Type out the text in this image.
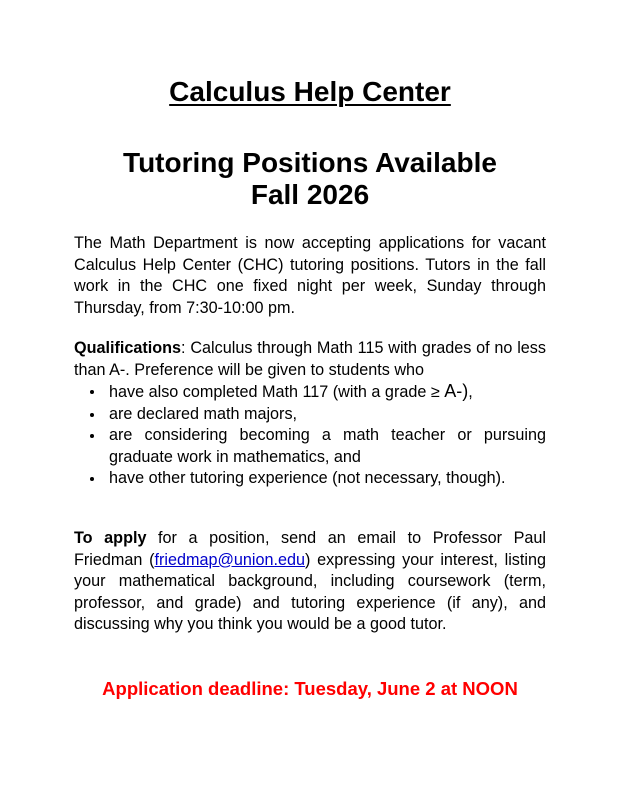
Calculus Help Center
Tutoring Positions Available
Fall 2026

The Math Department is now accepting applications for vacant Calculus Help Center (CHC) tutoring positions. Tutors in the fall work in the CHC one fixed night per week, Sunday through Thursday, from 7:30-10:00 pm.

Qualifications: Calculus through Math 115 with grades of no less than A-. Preference will be given to students who

have also completed Math 117 (with a grade ≥ A-),
are declared math majors,
are considering becoming a math teacher or pursuing graduate work in mathematics, and
have other tutoring experience (not necessary, though).

To apply for a position, send an email to Professor Paul Friedman (friedmap@union.edu) expressing your interest, listing your mathematical background, including coursework (term, professor, and grade) and tutoring experience (if any), and discussing why you think you would be a good tutor.

Application deadline: Tuesday, June 2 at NOON
